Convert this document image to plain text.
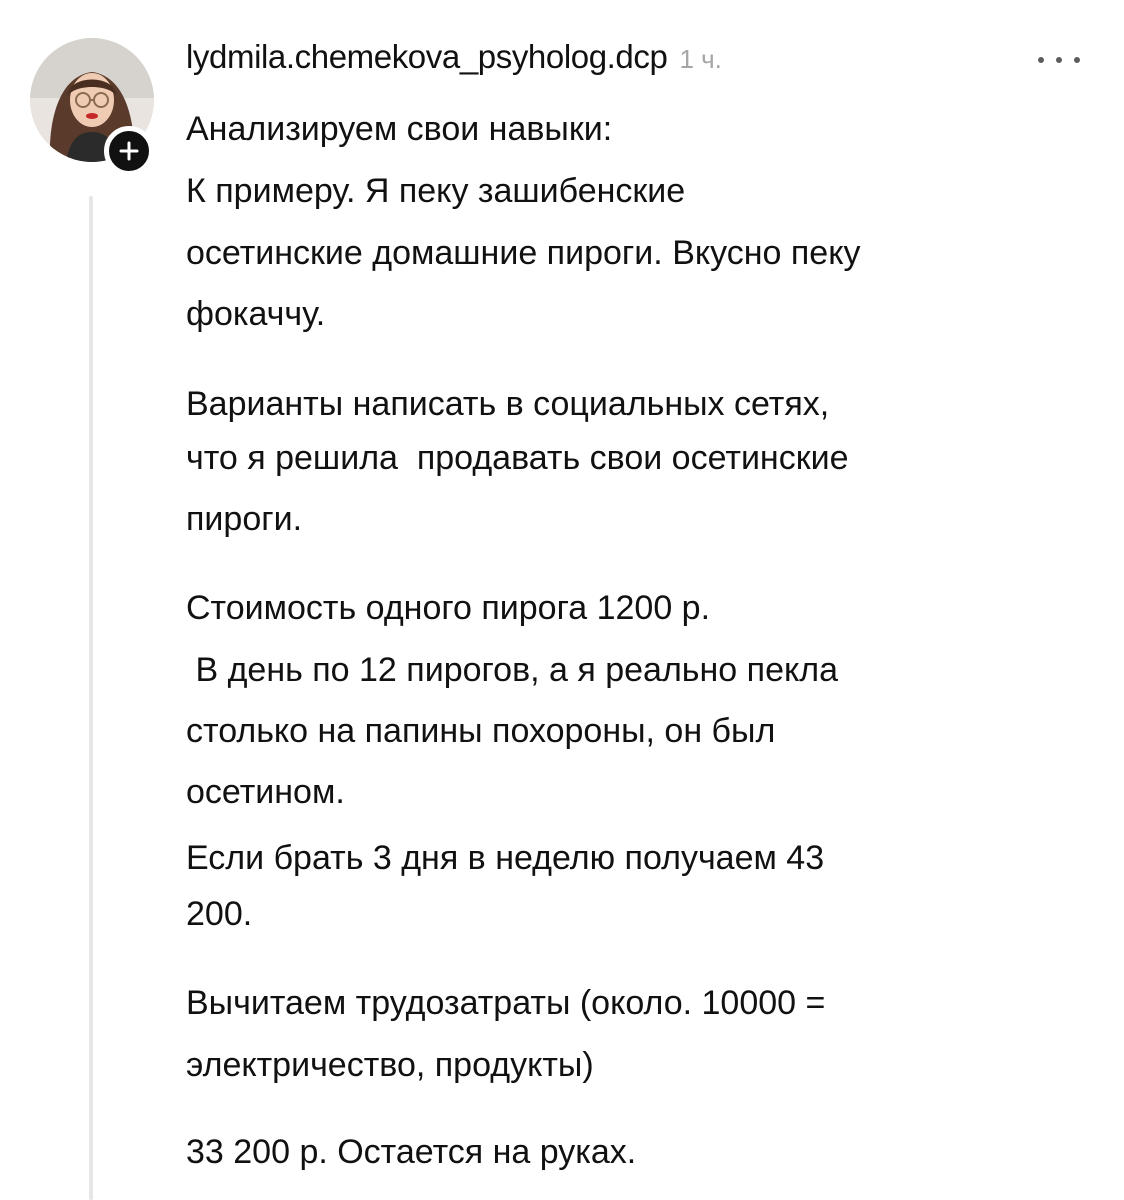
lydmila.chemekova_psyholog.dcp 1 ч.
Анализируем свои навыки:
К примеру. Я пеку зашибенские
осетинские домашние пироги. Вкусно пеку
фокаччу.
Варианты написать в социальных сетях,
что я решила  продавать свои осетинские
пироги.
Стоимость одного пирога 1200 р.
В день по 12 пирогов, а я реально пекла
столько на папины похороны, он был
осетином.
Если брать 3 дня в неделю получаем 43
200.
Вычитаем трудозатраты (около. 10000 =
электричество, продукты)
33 200 р. Остается на руках.
